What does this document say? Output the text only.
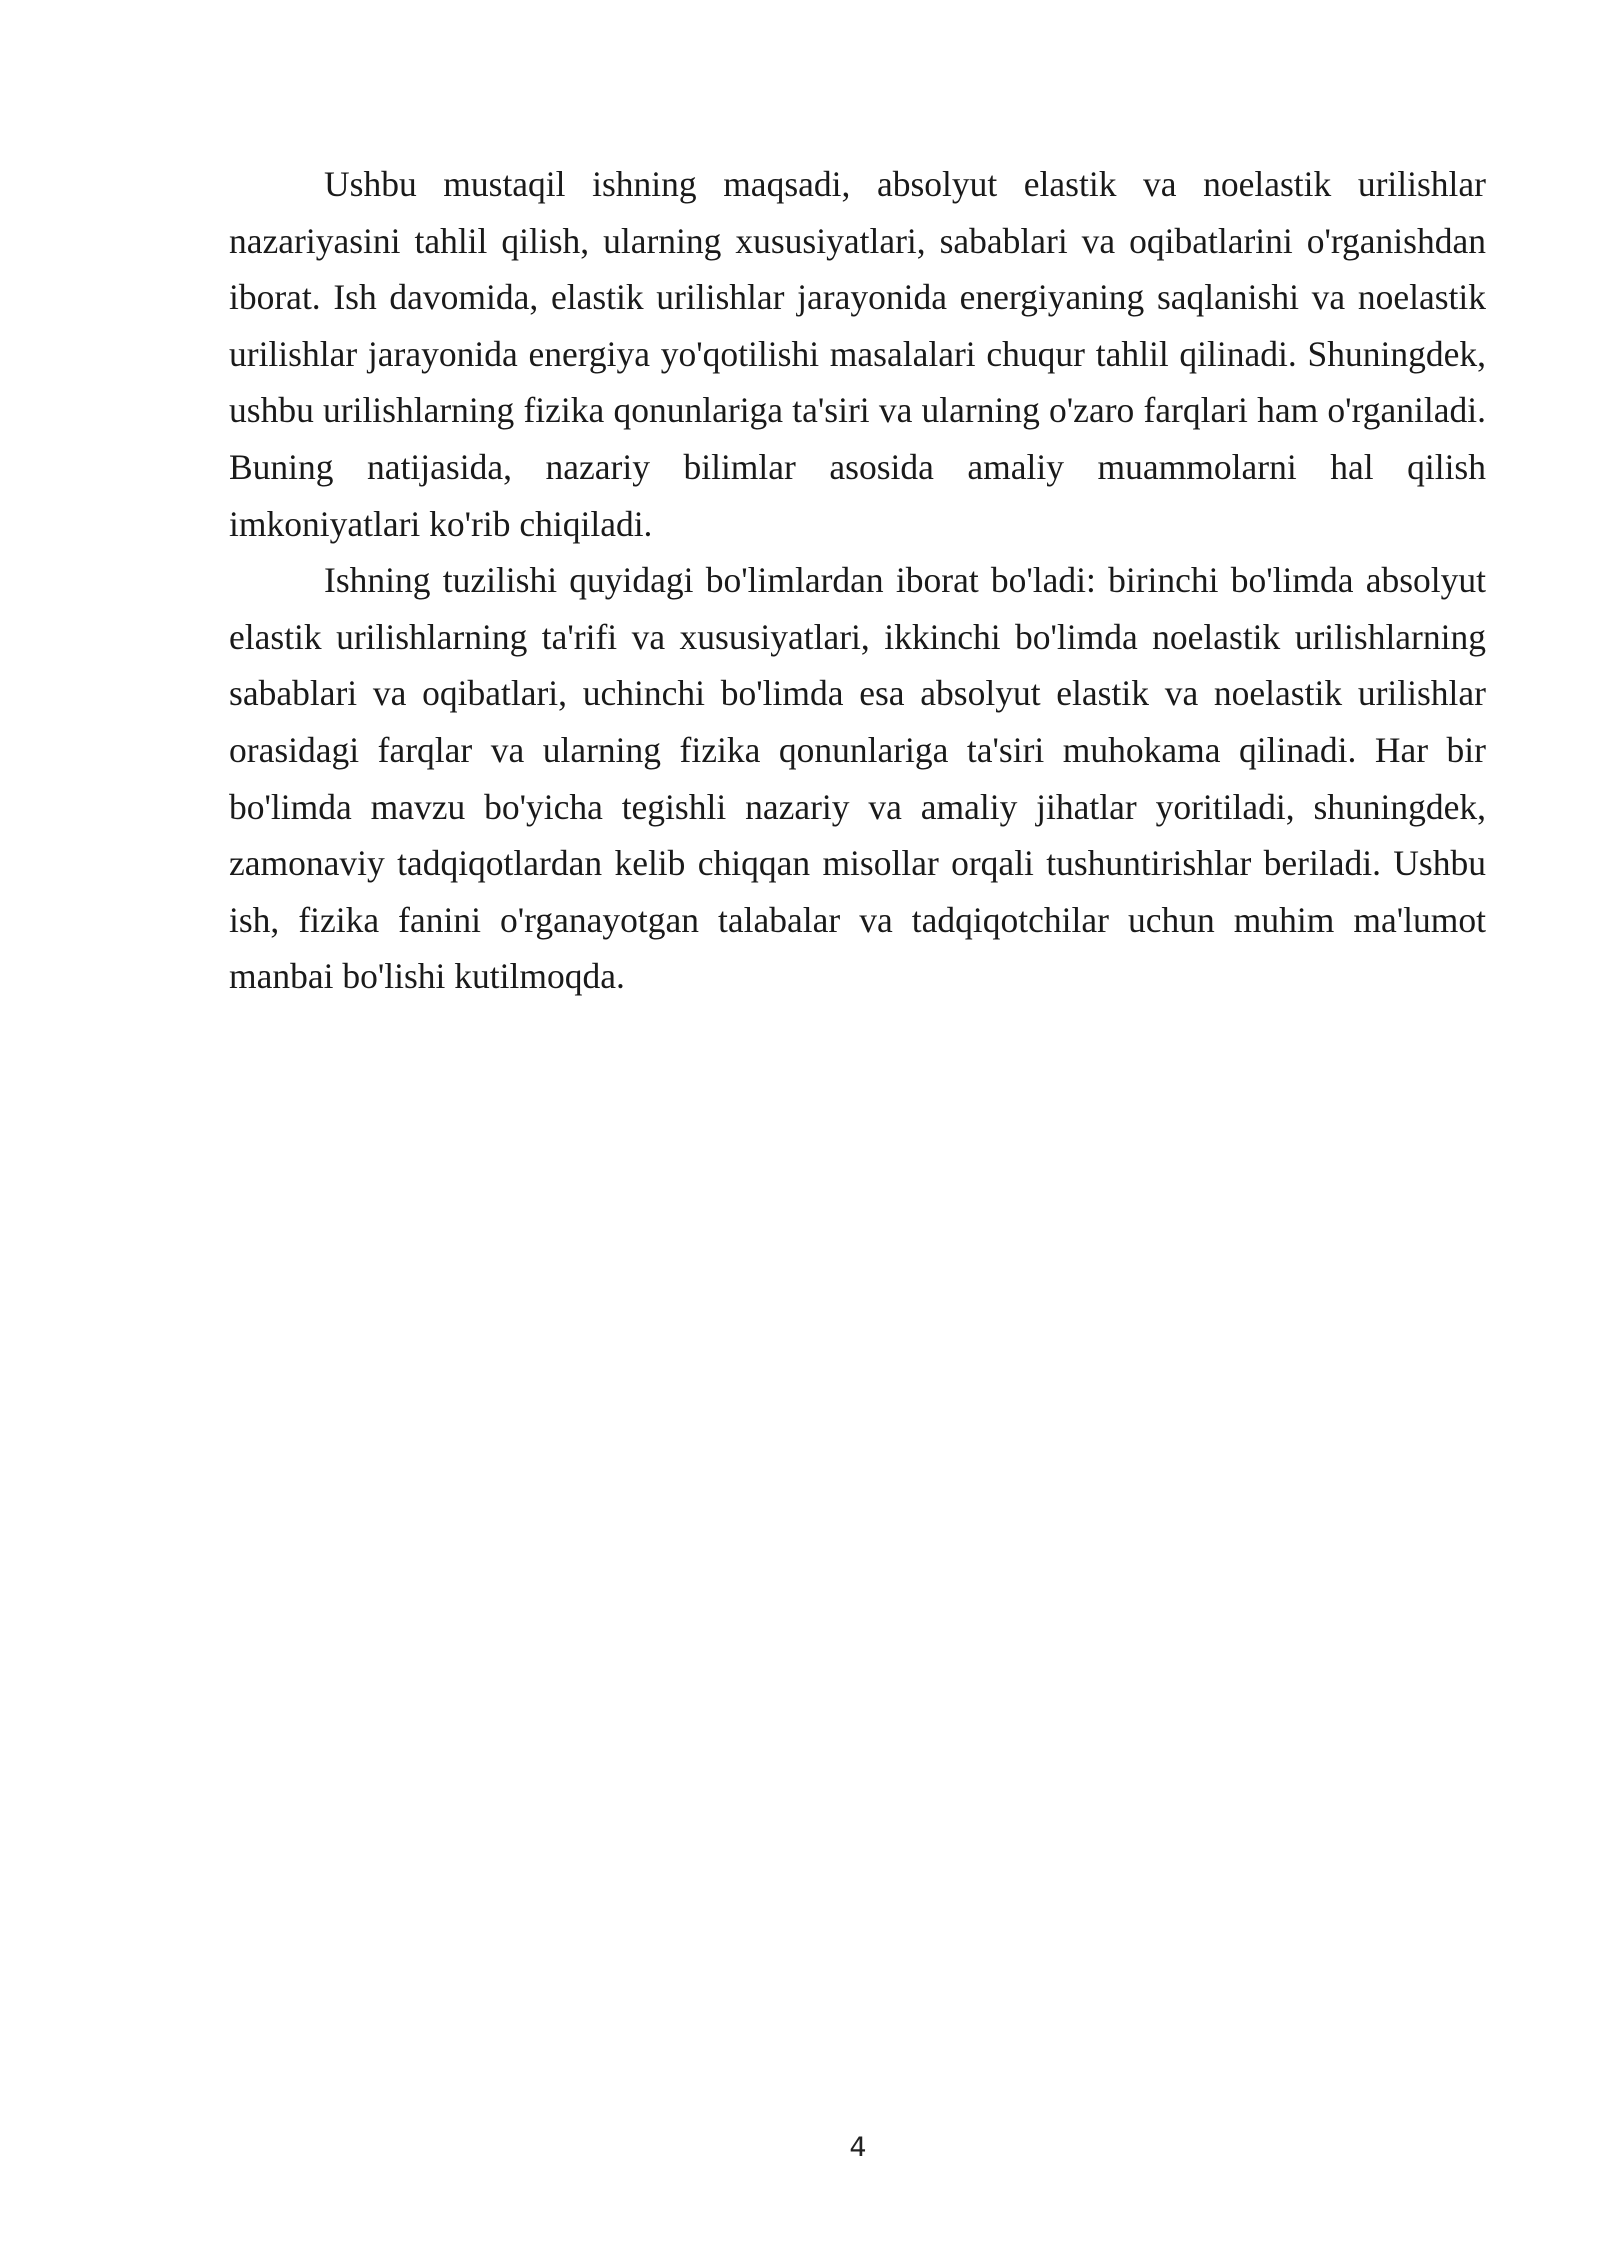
Ushbu mustaqil ishning maqsadi, absolyut elastik va noelastik urilishlar nazariyasini tahlil qilish, ularning xususiyatlari, sabablari va oqibatlarini o'rganishdan iborat. Ish davomida, elastik urilishlar jarayonida energiyaning saqlanishi va noelastik urilishlar jarayonida energiya yo'qotilishi masalalari chuqur tahlil qilinadi. Shuningdek, ushbu urilishlarning fizika qonunlariga ta'siri va ularning o'zaro farqlari ham o'rganiladi. Buning natijasida, nazariy bilimlar asosida amaliy muammolarni hal qilish imkoniyatlari ko'rib chiqiladi.

Ishning tuzilishi quyidagi bo'limlardan iborat bo'ladi: birinchi bo'limda absolyut elastik urilishlarning ta'rifi va xususiyatlari, ikkinchi bo'limda noelastik urilishlarning sabablari va oqibatlari, uchinchi bo'limda esa absolyut elastik va noelastik urilishlar orasidagi farqlar va ularning fizika qonunlariga ta'siri muhokama qilinadi. Har bir bo'limda mavzu bo'yicha tegishli nazariy va amaliy jihatlar yoritiladi, shuningdek, zamonaviy tadqiqotlardan kelib chiqqan misollar orqali tushuntirishlar beriladi. Ushbu ish, fizika fanini o'rganayotgan talabalar va tadqiqotchilar uchun muhim ma'lumot manbai bo'lishi kutilmoqda.

4
